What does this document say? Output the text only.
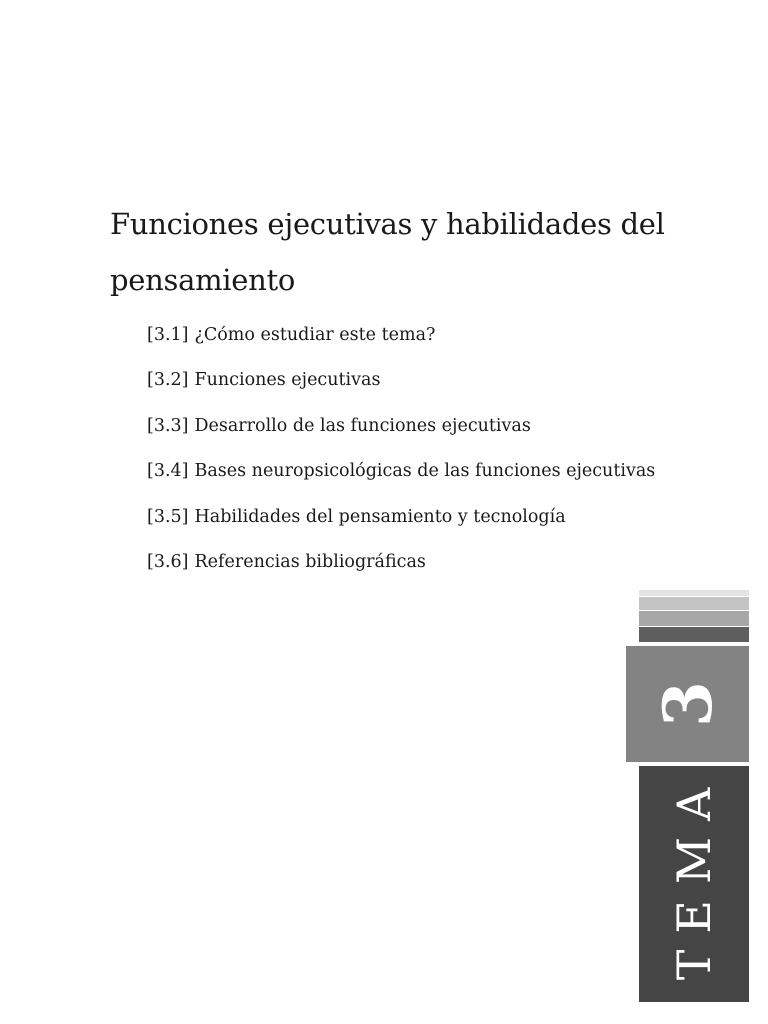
Funciones ejecutivas y habilidades del pensamiento
[3.1] ¿Cómo estudiar este tema?
[3.2] Funciones ejecutivas
[3.3] Desarrollo de las funciones ejecutivas
[3.4] Bases neuropsicológicas de las funciones ejecutivas
[3.5] Habilidades del pensamiento y tecnología
[3.6] Referencias bibliográficas
3
TEMA
